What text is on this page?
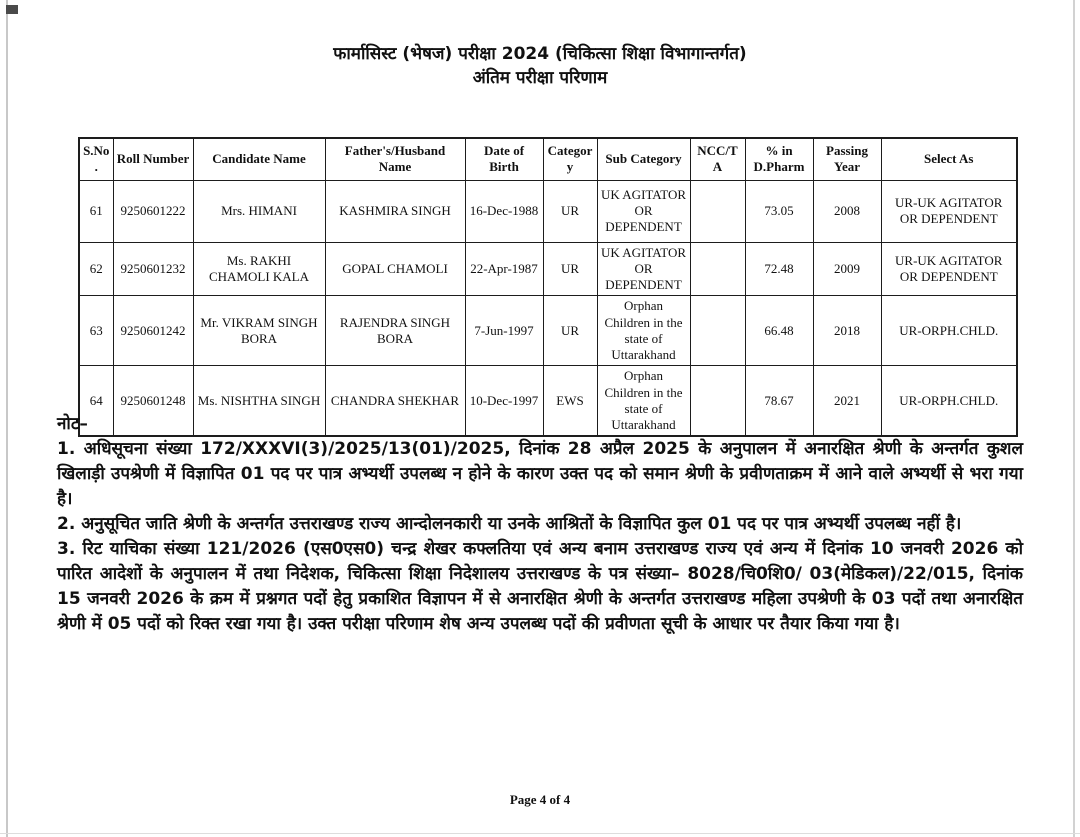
फार्मासिस्ट (भेषज) परीक्षा 2024 (चिकित्सा शिक्षा विभागान्तर्गत)
अंतिम परीक्षा परिणाम
S.No.	Roll Number	Candidate Name	Father's/Husband Name	Date of Birth	Category	Sub Category	NCC/TA	% in D.Pharm	Passing Year	Select As
61	9250601222	Mrs. HIMANI	KASHMIRA SINGH	16-Dec-1988	UR	UK AGITATOR OR DEPENDENT		73.05	2008	UR-UK AGITATOR OR DEPENDENT
62	9250601232	Ms. RAKHI CHAMOLI KALA	GOPAL CHAMOLI	22-Apr-1987	UR	UK AGITATOR OR DEPENDENT		72.48	2009	UR-UK AGITATOR OR DEPENDENT
63	9250601242	Mr. VIKRAM SINGH BORA	RAJENDRA SINGH BORA	7-Jun-1997	UR	Orphan Children in the state of Uttarakhand		66.48	2018	UR-ORPH.CHLD.
64	9250601248	Ms. NISHTHA SINGH	CHANDRA SHEKHAR	10-Dec-1997	EWS	Orphan Children in the state of Uttarakhand		78.67	2021	UR-ORPH.CHLD.
नोट–

1. अधिसूचना संख्या 172/XXXVI(3)/2025/13(01)/2025, दिनांक 28 अप्रैल 2025 के अनुपालन में अनारक्षित श्रेणी के अन्तर्गत कुशल खिलाड़ी उपश्रेणी में विज्ञापित 01 पद पर पात्र अभ्यर्थी उपलब्ध न होने के कारण उक्त पद को समान श्रेणी के प्रवीणताक्रम में आने वाले अभ्यर्थी से भरा गया है।

2. अनुसूचित जाति श्रेणी के अन्तर्गत उत्तराखण्ड राज्य आन्दोलनकारी या उनके आश्रितों के विज्ञापित कुल 01 पद पर पात्र अभ्यर्थी उपलब्ध नहीं है।

3. रिट याचिका संख्या 121/2026 (एस0एस0) चन्द्र शेखर कफ्लतिया एवं अन्य बनाम उत्तराखण्ड राज्य एवं अन्य में दिनांक 10 जनवरी 2026 को पारित आदेशों के अनुपालन में तथा निदेशक, चिकित्सा शिक्षा निदेशालय उत्तराखण्ड के पत्र संख्या– 8028/चि0शि0/ 03(मेडिकल)/22/015, दिनांक 15 जनवरी 2026 के क्रम में प्रश्नगत पदों हेतु प्रकाशित विज्ञापन में से अनारक्षित श्रेणी के अन्तर्गत उत्तराखण्ड महिला उपश्रेणी के 03 पदों तथा अनारक्षित श्रेणी में 05 पदों को रिक्त रखा गया है। उक्त परीक्षा परिणाम शेष अन्य उपलब्ध पदों की प्रवीणता सूची के आधार पर तैयार किया गया है।

Page 4 of 4
